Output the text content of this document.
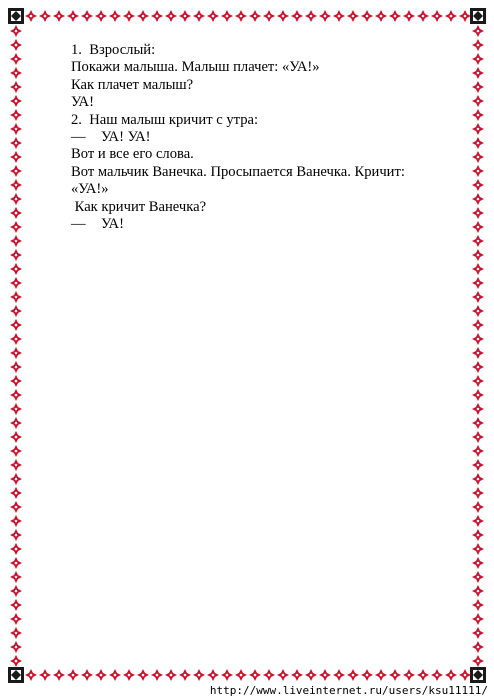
1.  Взрослый:
Покажи малыша. Малыш плачет: «УА!»
Как плачет малыш?
УА!
2.  Наш малыш кричит с утра:
— УА! УА!
Вот и все его слова.
Вот мальчик Ванечка. Просыпается Ванечка. Кричит:
«УА!»
Как кричит Ванечка?
— УА!
http://www.liveinternet.ru/users/ksu11111/
